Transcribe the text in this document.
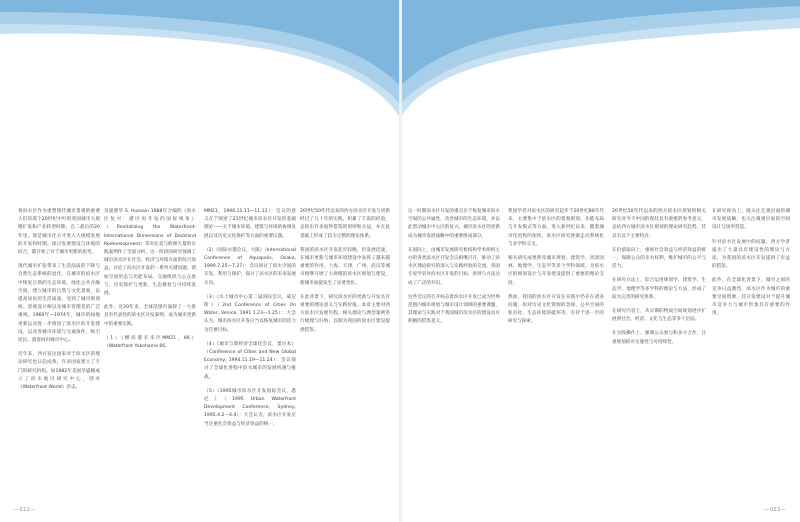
将滨水区作为重塑现代城市景观的重要人们的那个20世纪中叶的英国城市大规模扩张和产业转型时期，自二战后的20年里，那是城市化方才进入大规模发展的开发和时期。探讨发展建设与环境的结合，都开始了对于城市更新的思考。

现代城市扩张带来了生活品质的下降与自然生态系统的退化，在城市的滨水区中恢复自然的生态环境，绿化公共开敞空间，建立城市的自然与文化景观，以提高居民的生活质量，受到了城市规划师、景观设计师以及城市管理者的广泛重视。1960年—1974年，城市的绿地更新运动进一步推进了滨水区的开发建设，以改善城市环境与交通条件，吸引居民、游客回归城市中心。

近年来，西方发达国家对于滨水区的理论研究也日趋成熟，许多国家建立了专门的研究机构。如1982年美国华盛顿成立了滨水地区研究中心，创办《Waterfront World》杂志。

及爱德华 S. Hussain 1988年合编的《滨水区复兴：港区再开发的国际视角》（Revitalizing the Waterfront: International Dimensions of Dockland Redevelopment）等对北美与欧洲大量的实践案例作了全面分析。这一阶段的研究强调了城市滨水区在社会、经济与环境方面的综合效益，讨论了滨水区开发的一系列关键问题，诸如空间形态与功能布局、交通组织与公众参与、历史保护与更新、生态修复与可持续发展。

此外，近20年来，全球范围内涌现了一大批具有代表性的滨水区开发案例，成为城市更新中的重要实践。

（1）《横滨港未来区MM21，66》（Waterfront Yokohama 66,

MM21，1996.11.11—11.12）：会议的意义在于阐述了21世纪城市滨水区开发的基础理论——关于城市环境、建筑与环境的协调发展以及历史文化保护等方面的重要议题。

（2）《国际水都会议，大阪》（International Conference of Aquapolis, Osaka, 1990.7.25—7.27）：会议研讨了滨水空间的开发、利用与保护，探讨了滨水区的未来发展方向。

（3）《水上城市中心第二届国际会议，威尼斯》（2nd Conference of Cities On Water, Venice, 1991.1.23—1.25）：大会认为，城市滨水区开发应当以恢复城市的活力为首要目标。

（4）《城市与新经济全球化会议，墨尔本》（Conference of Cities and New Global Economy, 1994.11.19—11.24）：会议探讨了全球化进程中滨水城市的发展机遇与挑战。

（5）《1995城市滨水区开发国际会议，悉尼》（1995 Urban Waterfront Development Conference, Sydney, 1995.4.2—4.4）：大会认为，滨水区开发应当注重社会效益与经济效益的统一。

20世纪50年代以来的西方滨水区开发与更新经过了几十年的实践，积累了丰富的经验，总结出许多值得借鉴的原则和方法，并在此基础上形成了较为完整的理论体系。

我国的滨水区开发起步较晚，但发展迅速，在城市更新与城市环境建设中发挥了越来越重要的作用。上海、天津、广州、武汉等城市相继开展了大规模的滨水区规划与建设，使城市面貌发生了显著变化。

在此背景下，研究滨水区的更新与开发具有重要的理论意义与实践价值。本章主要对西方滨水区发展历程、相关理论与典型案例进行梳理与归纳，以期为我国的滨水区建设提供借鉴。

这一时期滨水区开发的重点在于恢复城市滨水空间的公共属性，改善城市的生态环境，并以此带动城市中心区的复兴。城市滨水区的更新成为城市发展战略中的重要组成部分。

在国际上，由城市发展研究机构和学术组织主办的各类滨水区开发会议相继召开，推动了滨水区理论研究的深入与实践经验的交流，各国专家学者对滨水区开发的目标、原则与方法达成了广泛的共识。

这些会议的召开标志着滨水区开发已成为世界范围内城市规划与城市设计领域的重要课题，其理论与实践对于我国城市滨水区的建设具有积极的借鉴意义。

我国学者对滨水区的研究起步于20世纪80年代末，主要集中于滨水区的景观规划、功能布局与开发模式等方面。进入新世纪以来，随着城市化进程的加快，滨水区研究逐渐走向系统化与多学科交叉。

相关研究成果涉及城市规划、建筑学、风景园林、地理学、生态学等多个学科领域，为滨水区的规划设计与开发建设提供了重要的理论支持。

然而，我国的滨水区开发在实践中仍存在诸多问题，如对历史文化资源的忽视、公共空间的私有化、生态环境的破坏等，有待于进一步的研究与探索。

20世纪50年代以来的西方滨水区规划的相关研究对今天中国的现状具有重要的参考意义，总结西方城市滨水区规划的理论研究趋势，其具有以下主要特点：

在价值取向上，重视社会效益与经济效益的统一，保障公众的亲水权利，维护城市的公平与活力。

在研究方法上，综合运用规划学、建筑学、生态学、地理学等多学科的理论与方法，形成了较为完善的研究体系。

在研究内容上，从早期的物质空间规划逐步扩展到社会、经济、文化与生态等多个层面。

在实践操作上，强调公众参与和多方合作，注重规划的可实施性与可持续性。

在研究视角上，既关注宏观层面的城市发展战略，也关注微观层面的空间设计与场所营造。

针对滨水区发展中的问题，西方学者提出了大量具有建设性的理论与方法，为我国的滨水区开发提供了有益的借鉴。

此外，在全球化背景下，城市之间的竞争日益激烈，滨水区作为城市的重要空间资源，其开发建设对于提升城市竞争力与城市形象具有重要的作用。

—022—	—023—
